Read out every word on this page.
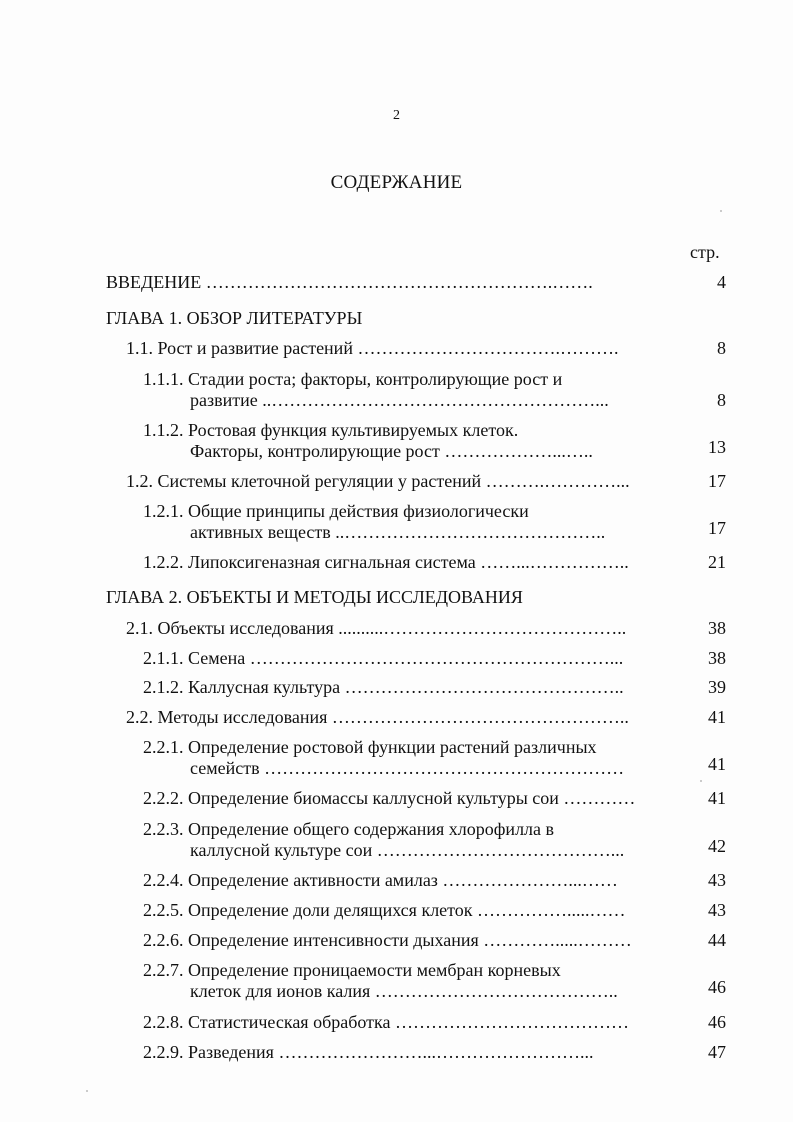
2
СОДЕРЖАНИЕ
стр.
ВВЕДЕНИЕ ………………………………………………….…….	4
ГЛАВА 1. ОБЗОР ЛИТЕРАТУРЫ
1.1. Рост и развитие растений …………………………….……….	8
1.1.1. Стадии роста; факторы, контролирующие рост и
развитие ..………………………………………………...	8
1.1.2. Ростовая функция культивируемых клеток.
Факторы, контролирующие рост ………………...…..	13
1.2. Системы клеточной регуляции у растений ……….…………...	17
1.2.1. Общие принципы действия физиологически
активных веществ ..……………………………………..	17
1.2.2. Липоксигеназная сигнальная система ……...……………..	21
ГЛАВА 2. ОБЪЕКТЫ И МЕТОДЫ ИССЛЕДОВАНИЯ
2.1. Объекты исследования ..........…………………………………..	38
2.1.1. Семена ……………………………………………………...	38
2.1.2. Каллусная культура ………………………………………..	39
2.2. Методы исследования …………………………………………..	41
2.2.1. Определение ростовой функции растений различных
семейств ……………………………………………………	41
2.2.2. Определение биомассы каллусной культуры сои …………	41
2.2.3. Определение общего содержания хлорофилла в
каллусной культуре сои …………………………………...	42
2.2.4. Определение активности амилаз …………………...……	43
2.2.5. Определение доли делящихся клеток …………….....……	43
2.2.6. Определение интенсивности дыхания ………….....………	44
2.2.7. Определение проницаемости мембран корневых
клеток для ионов калия …………………………………..	46
2.2.8. Статистическая обработка …………………………………	46
2.2.9. Разведения ……………………...……………………...	47
